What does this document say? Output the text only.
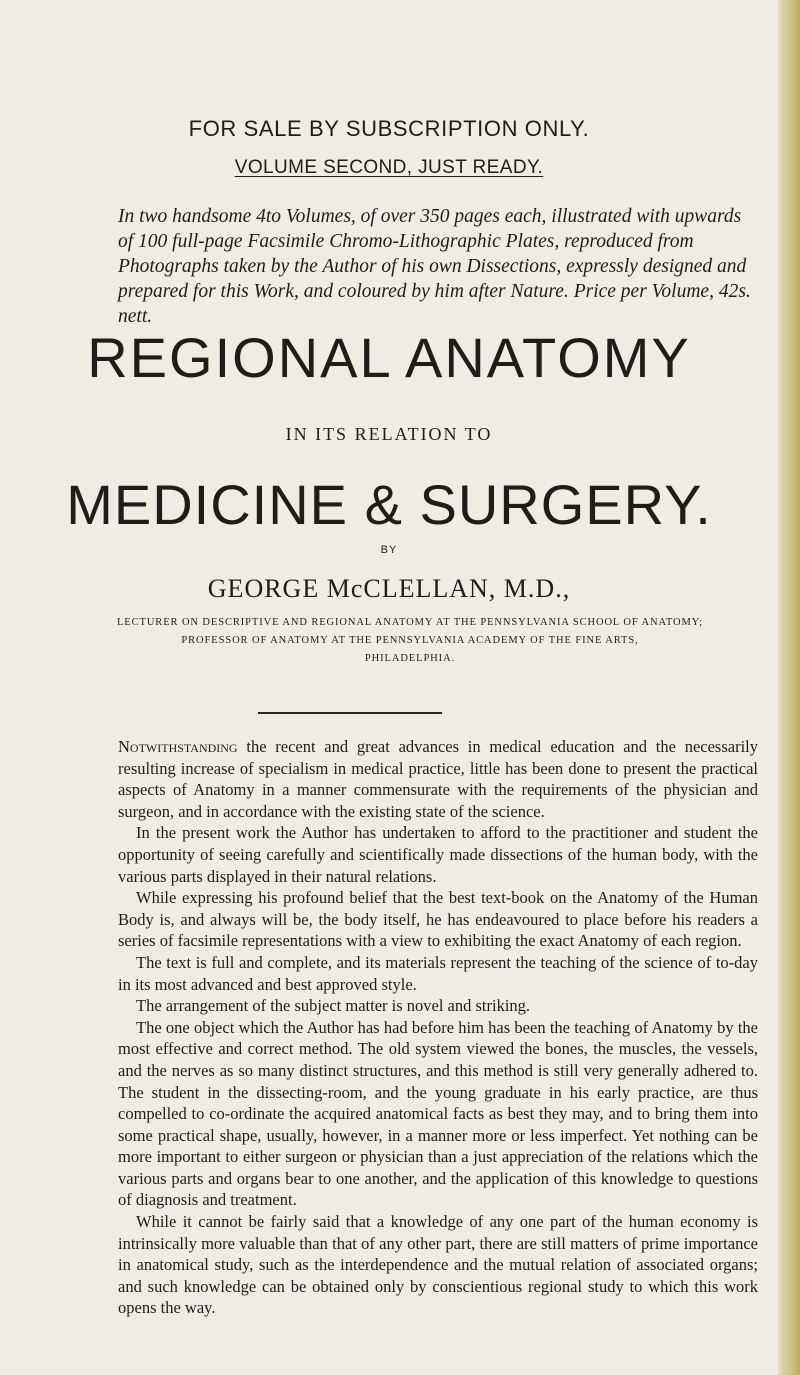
FOR SALE BY SUBSCRIPTION ONLY.
VOLUME SECOND, JUST READY.

In two handsome 4to Volumes, of over 350 pages each, illustrated with upwards of 100 full-page Facsimile Chromo-Lithographic Plates, reproduced from Photographs taken by the Author of his own Dissections, expressly designed and prepared for this Work, and coloured by him after Nature. Price per Volume, 42s. nett.

REGIONAL ANATOMY
IN ITS RELATION TO
MEDICINE & SURGERY.
BY
GEORGE McCLELLAN, M.D.,
LECTURER ON DESCRIPTIVE AND REGIONAL ANATOMY AT THE PENNSYLVANIA SCHOOL OF ANATOMY;
PROFESSOR OF ANATOMY AT THE PENNSYLVANIA ACADEMY OF THE FINE ARTS,
PHILADELPHIA.

Notwithstanding the recent and great advances in medical education and the necessarily resulting increase of specialism in medical practice, little has been done to present the practical aspects of Anatomy in a manner commensurate with the requirements of the physician and surgeon, and in accordance with the existing state of the science.

In the present work the Author has undertaken to afford to the practitioner and student the opportunity of seeing carefully and scientifically made dissections of the human body, with the various parts displayed in their natural relations.

While expressing his profound belief that the best text-book on the Anatomy of the Human Body is, and always will be, the body itself, he has endeavoured to place before his readers a series of facsimile representations with a view to exhibiting the exact Anatomy of each region.

The text is full and complete, and its materials represent the teaching of the science of to-day in its most advanced and best approved style.

The arrangement of the subject matter is novel and striking.

The one object which the Author has had before him has been the teaching of Anatomy by the most effective and correct method. The old system viewed the bones, the muscles, the vessels, and the nerves as so many distinct structures, and this method is still very generally adhered to. The student in the dissecting-room, and the young graduate in his early practice, are thus compelled to co-ordinate the acquired anatomical facts as best they may, and to bring them into some practical shape, usually, however, in a manner more or less imperfect. Yet nothing can be more important to either surgeon or physician than a just appreciation of the relations which the various parts and organs bear to one another, and the application of this knowledge to questions of diagnosis and treatment.

While it cannot be fairly said that a knowledge of any one part of the human economy is intrinsically more valuable than that of any other part, there are still matters of prime importance in anatomical study, such as the interdependence and the mutual relation of associated organs; and such knowledge can be obtained only by conscientious regional study to which this work opens the way.
